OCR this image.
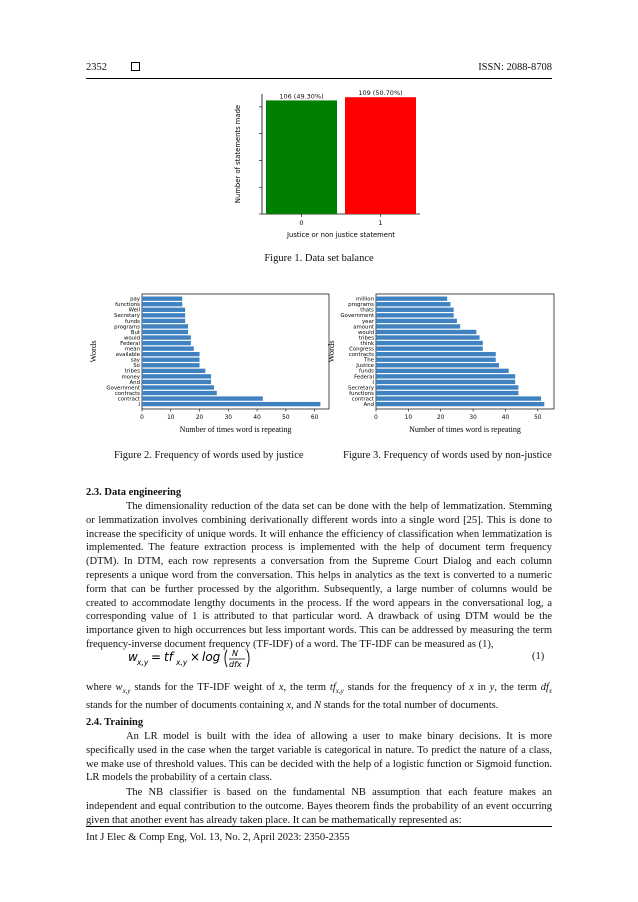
2352	ISSN: 2088-8708
106 (49.30%)
0
109 (50.70%)
1
Justice or non justice statement
Number of statements made
Figure 1. Data set balance
pay
functions
Well
Secretary
funds
programs
But
would
Federal
mean
available
say
So
tribes
money
And
Government
contracts
contract
I
0	10	20	30	40	50	60
Number of times word is repeating
Words
million
programs
thats
Government
year
amount
would
tribes
think
Congress
contracts
The
Justice
funds
Federal
I
Secretary
functions
contract
And
0	10	20	30	40	50
Number of times word is repeating
Words
Figure 2. Frequency of words used by justice	Figure 3. Frequency of words used by non-justice
2.3. Data engineering
The dimensionality reduction of the data set can be done with the help of lemmatization. Stemming or lemmatization involves combining derivationally different words into a single word [25]. This is done to increase the specificity of unique words. It will enhance the efficiency of classification when lemmatization is implemented. The feature extraction process is implemented with the help of document term frequency (DTM). In DTM, each row represents a conversation from the Supreme Court Dialog and each column represents a unique word from the conversation. This helps in analytics as the text is converted to a numeric form that can be further processed by the algorithm. Subsequently, a large number of columns would be created to accommodate lengthy documents in the process. If the word appears in the conversational log, a corresponding value of 1 is attributed to that particular word. A drawback of using DTM would be the importance given to high occurrences but less important words. This can be addressed by measuring the term frequency-inverse document frequency (TF-IDF) of a word. The TF-IDF can be measured as (1),
w x,y = tf x,y × log N
dfx
(1)
where $w_{x,y}$ stands for the TF-IDF weight of x, the term $tf_{x,y}$ stands for the frequency of x in y, the term $df_x$ stands for the number of documents containing x, and N stands for the total number of documents.
2.4. Training
An LR model is built with the idea of allowing a user to make binary decisions. It is more specifically used in the case when the target variable is categorical in nature. To predict the nature of a class, we make use of threshold values. This can be decided with the help of a logistic function or Sigmoid function. LR models the probability of a certain class.
The NB classifier is based on the fundamental NB assumption that each feature makes an independent and equal contribution to the outcome. Bayes theorem finds the probability of an event occurring given that another event has already taken place. It can be mathematically represented as:
Int J Elec & Comp Eng, Vol. 13, No. 2, April 2023: 2350-2355
